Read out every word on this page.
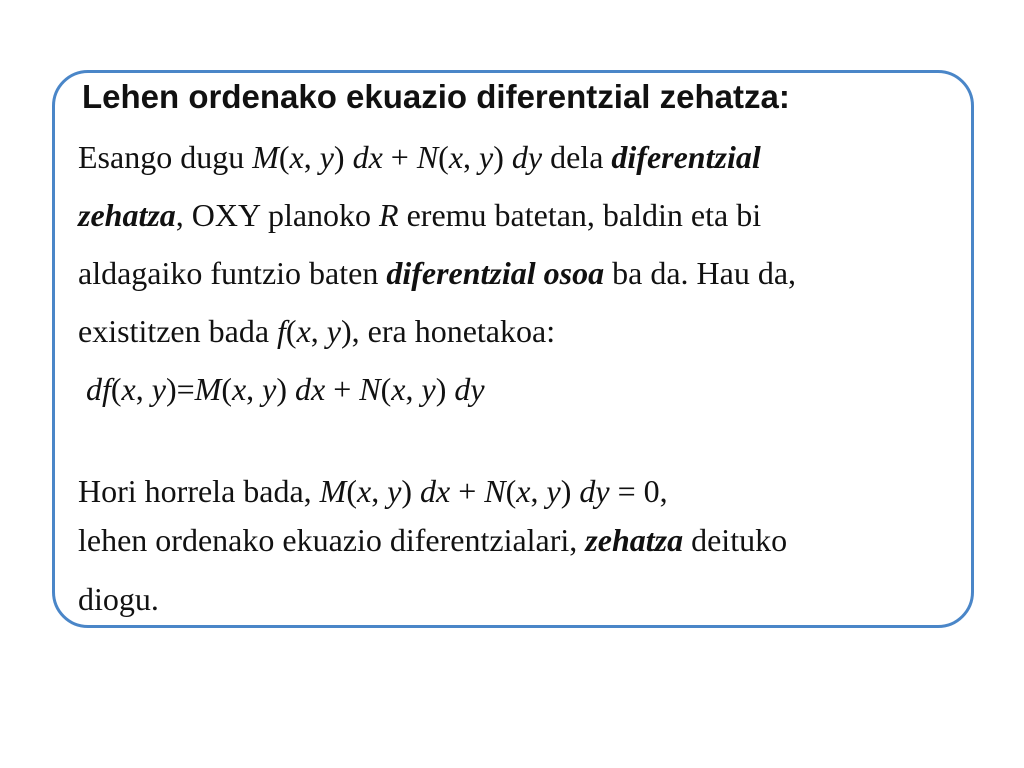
Lehen ordenako ekuazio diferentzial zehatza:
Esango dugu M(x, y) dx + N(x, y) dy dela diferentzial
zehatza, OXY planoko R eremu batetan, baldin eta bi
aldagaiko funtzio baten diferentzial osoa ba da. Hau da,
existitzen bada f(x, y), era honetakoa:
df(x, y)=M(x, y) dx + N(x, y) dy
Hori horrela bada, M(x, y) dx + N(x, y) dy = 0,
lehen ordenako ekuazio diferentzialari, zehatza deituko
diogu.
